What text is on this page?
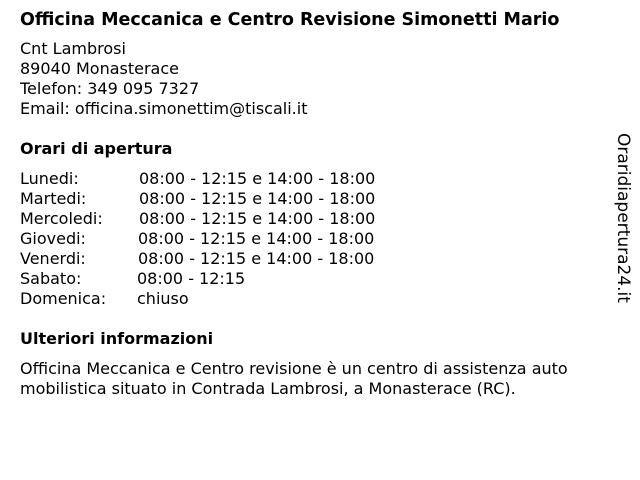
Officina Meccanica e Centro Revisione Simonetti Mario
Cnt Lambrosi
89040 Monasterace
Telefon: 349 095 7327
Email: officina.simonettim@tiscali.it
Orari di apertura
Lunedi:	08:00 - 12:15 e 14:00 - 18:00
Martedi:	08:00 - 12:15 e 14:00 - 18:00
Mercoledi:	08:00 - 12:15 e 14:00 - 18:00
Giovedi:	08:00 - 12:15 e 14:00 - 18:00
Venerdi:	08:00 - 12:15 e 14:00 - 18:00
Sabato:	08:00 - 12:15
Domenica:	chiuso
Ulteriori informazioni
Officina Meccanica e Centro revisione è un centro di assistenza auto mobilistica situato in Contrada Lambrosi, a Monasterace (RC).
Oraridiapertura24.it
